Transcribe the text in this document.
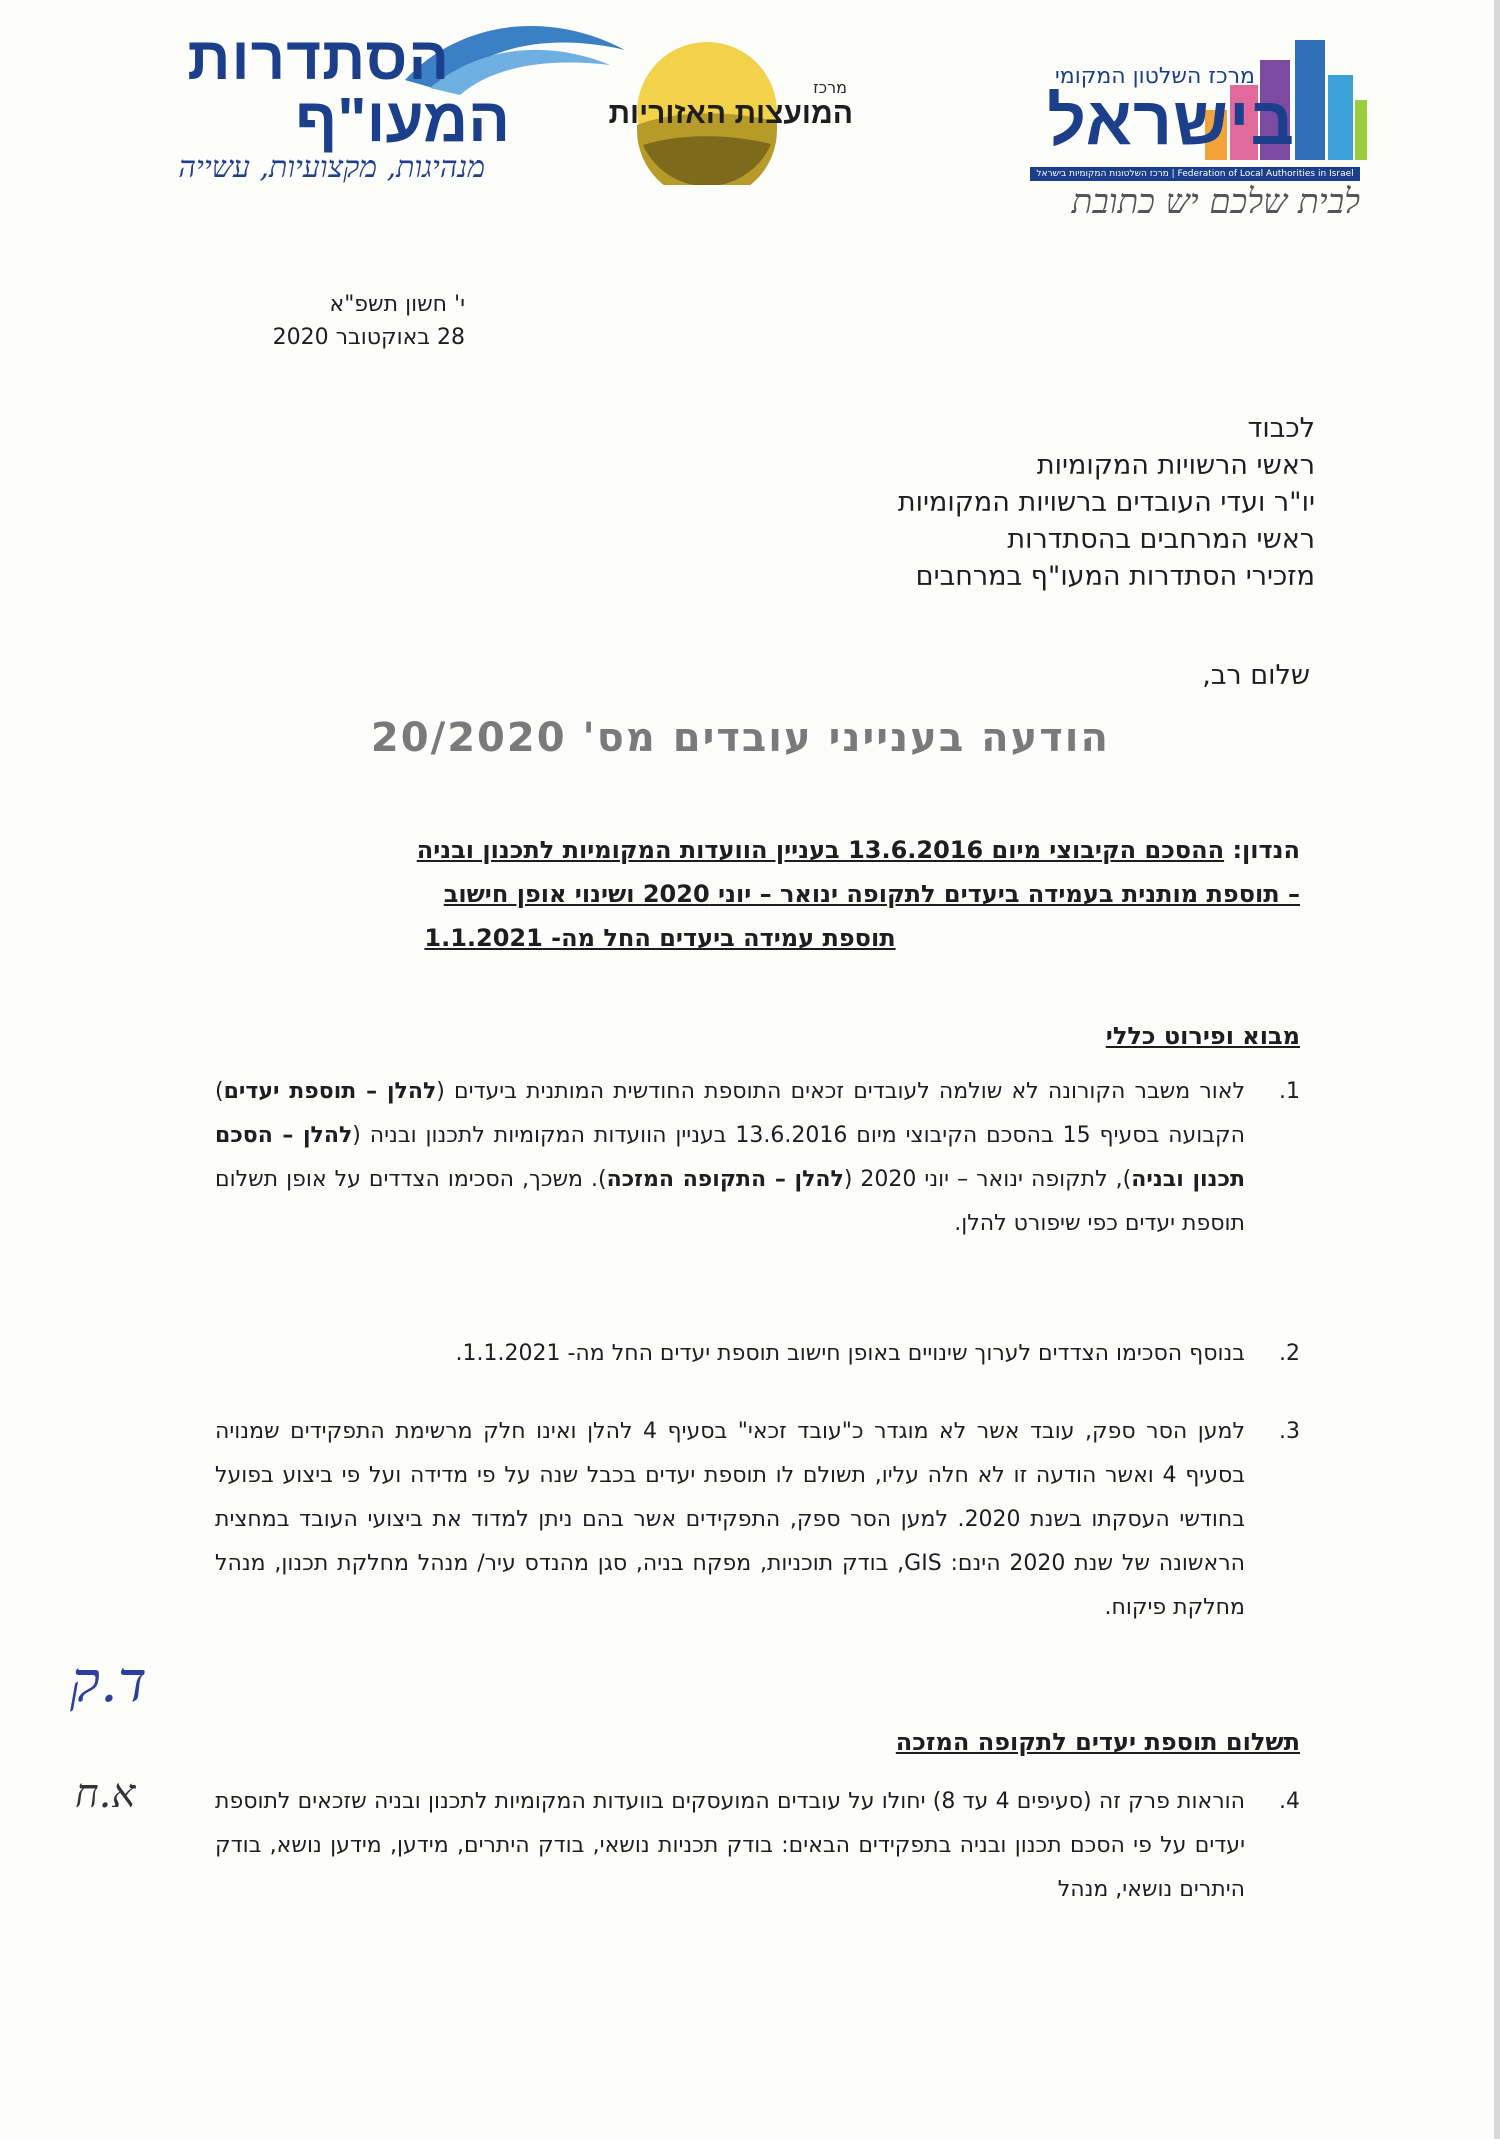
הסתדרות
המעו"ף
מנהיגות, מקצועיות, עשייה
מרכז
המועצות האזוריות
מרכז השלטון המקומי
בישראל
מרכז השלטונות המקומיות בישראל | Federation of Local Authorities in Israel
לבית שלכם יש כתובת
י' חשון תשפ"א
28 באוקטובר 2020
לכבוד
ראשי הרשויות המקומיות
יו"ר ועדי העובדים ברשויות המקומיות
ראשי המרחבים בהסתדרות
מזכירי הסתדרות המעו"ף במרחבים
שלום רב,
הודעה בענייני עובדים מס' 20/2020
הנדון: ההסכם הקיבוצי מיום 13.6.2016 בעניין הוועדות המקומיות לתכנון ובניה
– תוספת מותנית בעמידה ביעדים לתקופה ינואר – יוני 2020 ושינוי אופן חישוב
תוספת עמידה ביעדים החל מה- 1.1.2021
מבוא ופירוט כללי
1.
לאור משבר הקורונה לא שולמה לעובדים זכאים התוספת החודשית המותנית ביעדים (להלן – תוספת יעדים) הקבועה בסעיף 15 בהסכם הקיבוצי מיום 13.6.2016 בעניין הוועדות המקומיות לתכנון ובניה (להלן – הסכם תכנון ובניה), לתקופה ינואר – יוני 2020 (להלן – התקופה המזכה). משכך, הסכימו הצדדים על אופן תשלום תוספת יעדים כפי שיפורט להלן.
2.
בנוסף הסכימו הצדדים לערוך שינויים באופן חישוב תוספת יעדים החל מה- 1.1.2021.
3.
למען הסר ספק, עובד אשר לא מוגדר כ"עובד זכאי" בסעיף 4 להלן ואינו חלק מרשימת התפקידים שמנויה בסעיף 4 ואשר הודעה זו לא חלה עליו, תשולם לו תוספת יעדים בכבל שנה על פי מדידה ועל פי ביצוע בפועל בחודשי העסקתו בשנת 2020. למען הסר ספק, התפקידים אשר בהם ניתן למדוד את ביצועי העובד במחצית הראשונה של שנת 2020 הינם: GIS, בודק תוכניות, מפקח בניה, סגן מהנדס עיר/ מנהל מחלקת תכנון, מנהל מחלקת פיקוח.
תשלום תוספת יעדים לתקופה המזכה
4.
הוראות פרק זה (סעיפים 4 עד 8) יחולו על עובדים המועסקים בוועדות המקומיות לתכנון ובניה שזכאים לתוספת יעדים על פי הסכם תכנון ובניה בתפקידים הבאים: בודק תכניות נושאי, בודק היתרים, מידען, מידען נושא, בודק היתרים נושאי, מנהל
ד.ק
א.ח
